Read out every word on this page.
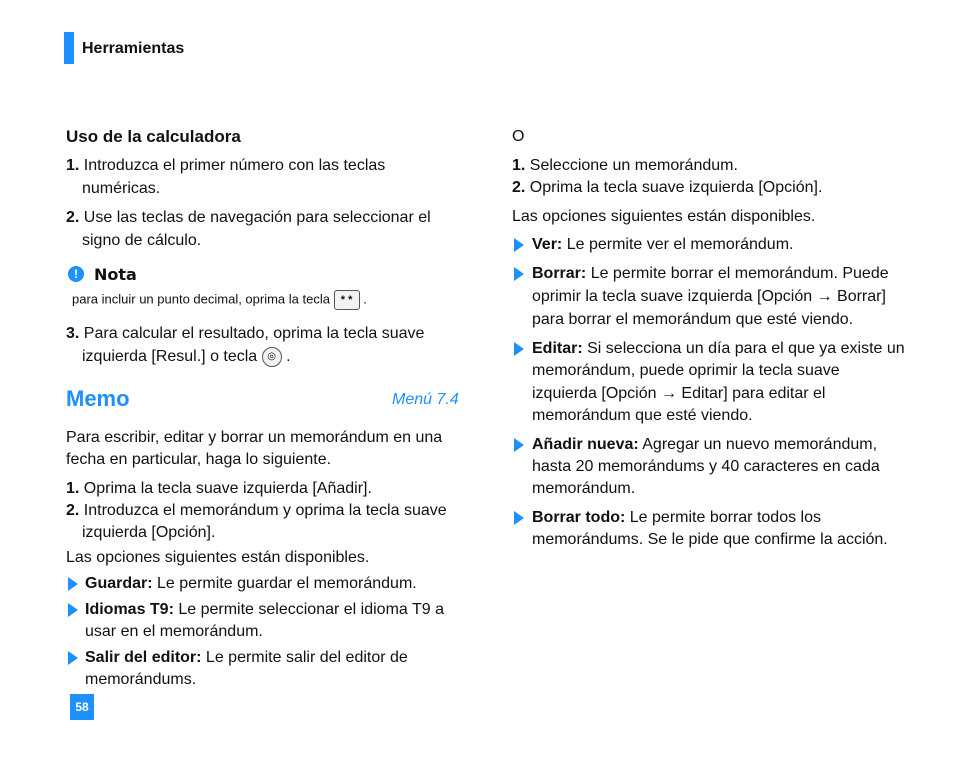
Herramientas
Uso de la calculadora
1. Introduzca el primer número con las teclas
numéricas.
2. Use las teclas de navegación para seleccionar el
signo de cálculo.
!	Nota
para incluir un punto decimal, oprima la tecla * * .
3. Para calcular el resultado, oprima la tecla suave
izquierda [Resul.] o tecla ◎ .
Memo	Menú 7.4
Para escribir, editar y borrar un memorándum en una
fecha en particular, haga lo siguiente.
1. Oprima la tecla suave izquierda [Añadir].
2. Introduzca el memorándum y oprima la tecla suave
izquierda [Opción].
Las opciones siguientes están disponibles.
Guardar: Le permite guardar el memorándum.
Idiomas T9: Le permite seleccionar el idioma T9 a
usar en el memorándum.
Salir del editor: Le permite salir del editor de
memorándums.
58
O
1. Seleccione un memorándum.
2. Oprima la tecla suave izquierda [Opción].
Las opciones siguientes están disponibles.
Ver: Le permite ver el memorándum.
Borrar: Le permite borrar el memorándum. Puede
oprimir la tecla suave izquierda [Opción → Borrar]
para borrar el memorándum que esté viendo.
Editar: Si selecciona un día para el que ya existe un
memorándum, puede oprimir la tecla suave
izquierda [Opción → Editar] para editar el
memorándum que esté viendo.
Añadir nueva: Agregar un nuevo memorándum,
hasta 20 memorándums y 40 caracteres en cada
memorándum.
Borrar todo: Le permite borrar todos los
memorándums. Se le pide que confirme la acción.
